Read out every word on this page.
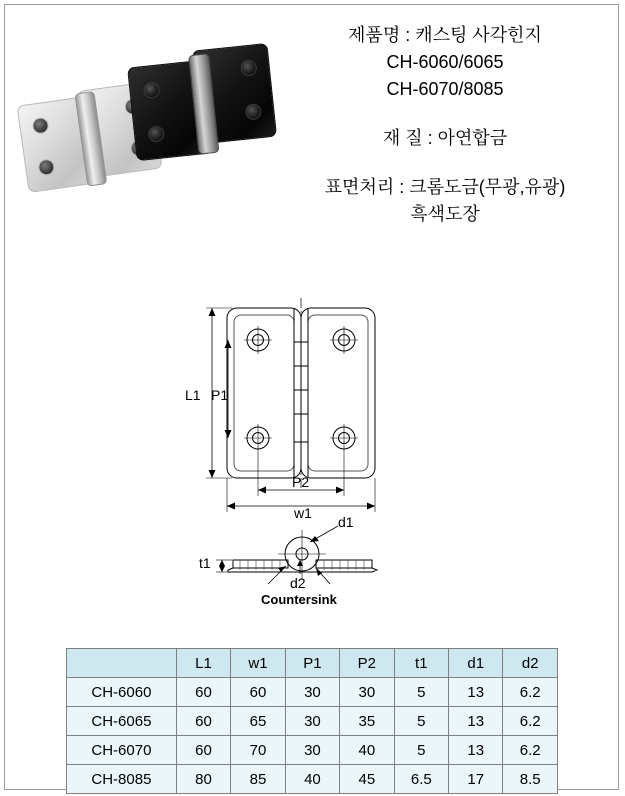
제품명 : 캐스팅 사각힌지
CH-6060/6065
CH-6070/8085
재 질 : 아연합금
표면처리 : 크롬도금(무광,유광)
흑색도장
L1 P1
P2
w1
t1
d1
d2
Countersink
	L1	w1	P1	P2	t1	d1	d2
CH-6060	60	60	30	30	5	13	6.2
CH-6065	60	65	30	35	5	13	6.2
CH-6070	60	70	30	40	5	13	6.2
CH-8085	80	85	40	45	6.5	17	8.5
